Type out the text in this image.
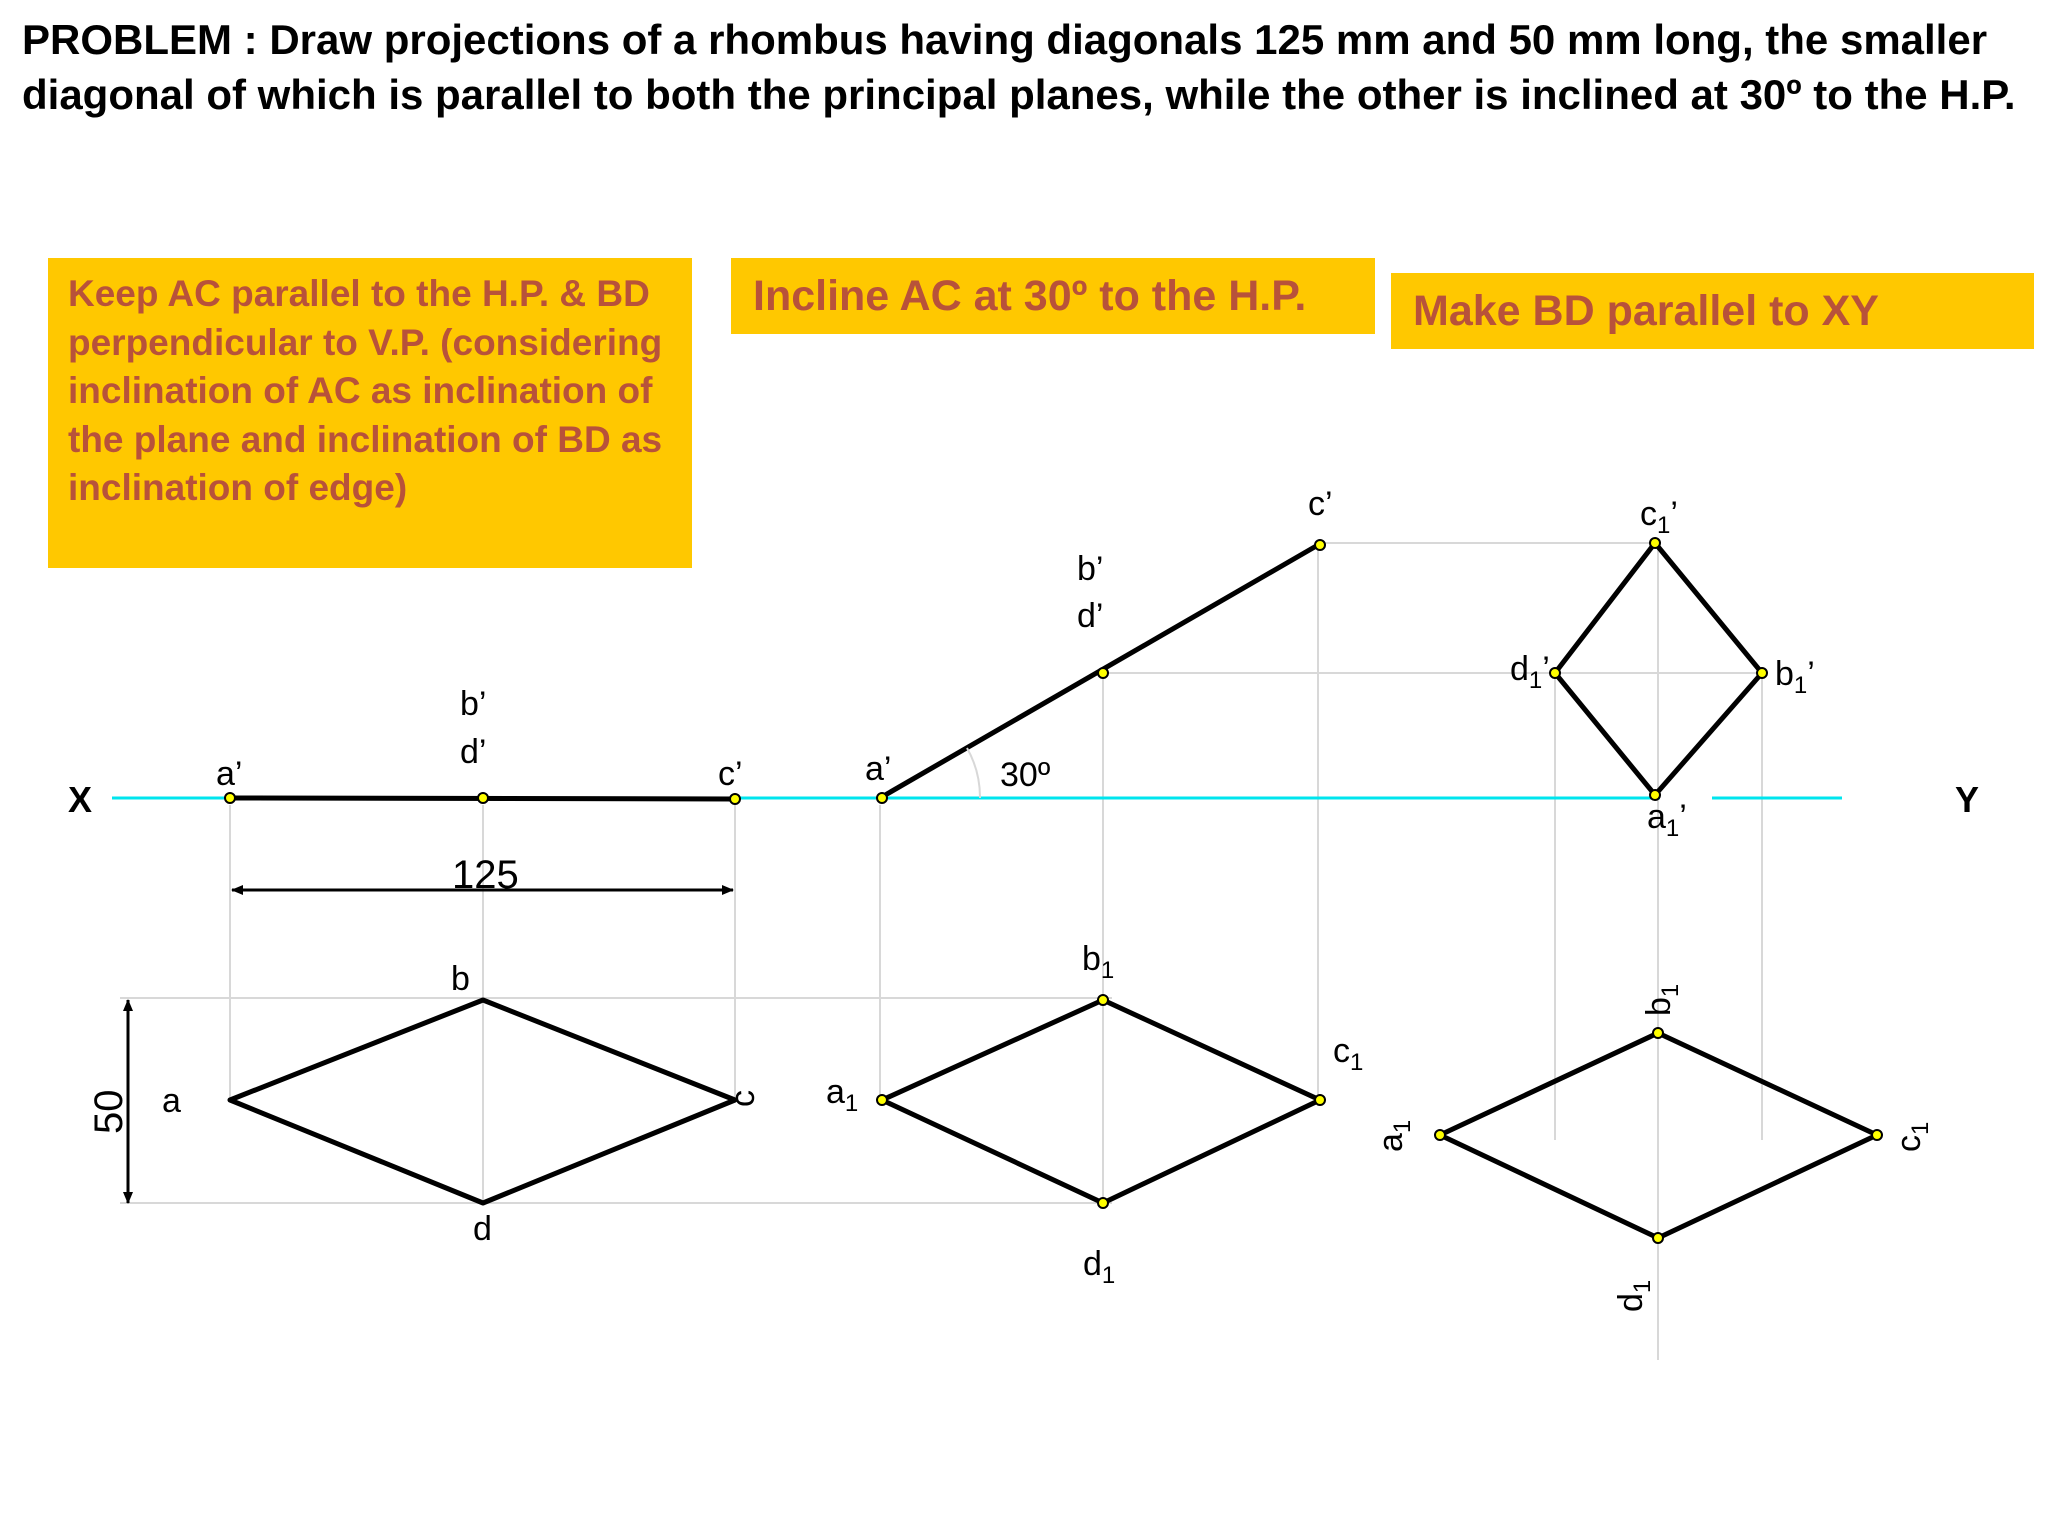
PROBLEM : Draw projections of a rhombus having diagonals 125 mm and 50 mm long, the smaller diagonal of which is parallel to both the principal planes, while the other is inclined at 30º to the H.P.
Keep AC parallel to the H.P. & BD perpendicular to V.P. (considering inclination of AC as inclination of the plane and inclination of BD as inclination of edge)
Incline AC at 30º to the H.P.	Make BD parallel to XY
X	Y
125
50
a’
b’
d’
c’
a
b
c
d
30º
a’
b’
d’
c’
$a_1$
$b_1$
$c_1$
$d_1$
$c_1$’
$d_1$’	$b_1$’
$a_1$’
$a_1$
$b_1$
$c_1$
$d_1$
